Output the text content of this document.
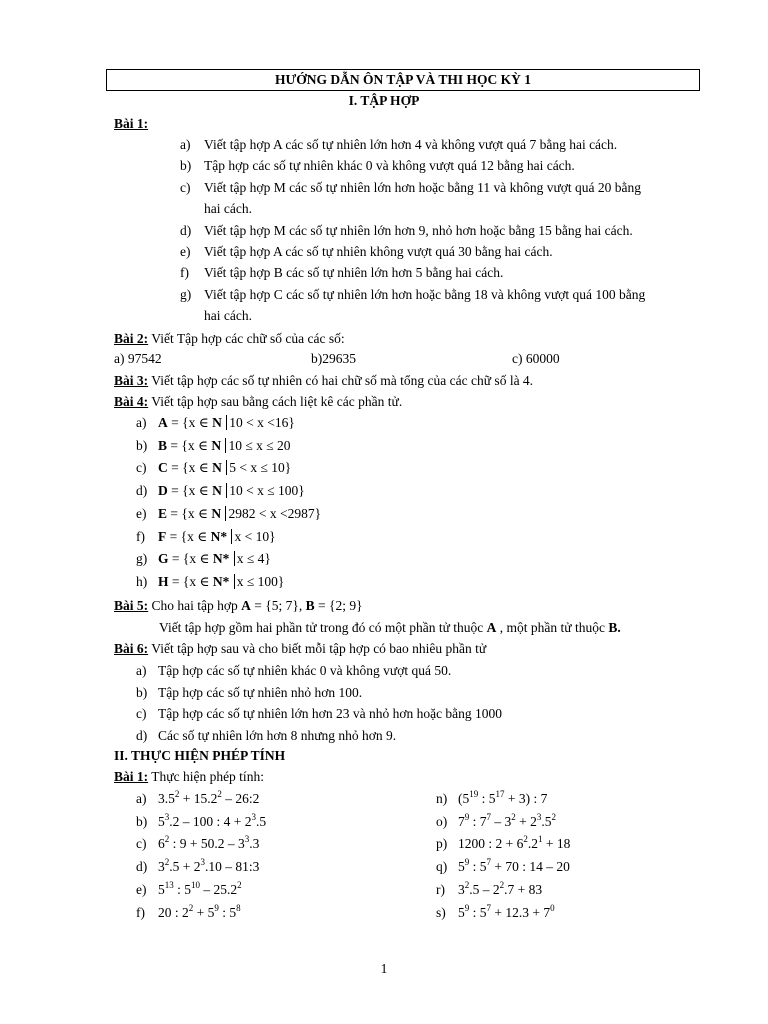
HƯỚNG DẪN ÔN TẬP VÀ THI HỌC KỲ 1
I. TẬP HỢP
Bài 1:
a) Viết tập hợp A các số tự nhiên lớn hơn 4 và không vượt quá 7 bằng hai cách.
b) Tập hợp các số tự nhiên khác 0 và không vượt quá 12 bằng hai cách.
c) Viết tập hợp M các số tự nhiên lớn hơn hoặc bằng 11 và không vượt quá 20 bằng
hai cách.
d) Viết tập hợp M các số tự nhiên lớn hơn 9, nhỏ hơn hoặc bằng 15 bằng hai cách.
e) Viết tập hợp A các số tự nhiên không vượt quá 30 bằng hai cách.
f) Viết tập hợp B các số tự nhiên lớn hơn 5 bằng hai cách.
g) Viết tập hợp C các số tự nhiên lớn hơn hoặc bằng 18 và không vượt quá 100 bằng
hai cách.
Bài 2: Viết Tập hợp các chữ số của các số:
a) 97542	b)29635	c) 60000
Bài 3: Viết tập hợp các số tự nhiên có hai chữ số mà tổng của các chữ số là 4.
Bài 4: Viết tập hợp sau bằng cách liệt kê các phần tử.
a) A = {x ∈ N 10 < x <16}
b) B = {x ∈ N 10 ≤ x ≤ 20
c) C = {x ∈ N 5 < x ≤ 10}
d) D = {x ∈ N 10 < x ≤ 100}
e) E = {x ∈ N 2982 < x <2987}
f) F = {x ∈ N* x < 10}
g) G = {x ∈ N* x ≤ 4}
h) H = {x ∈ N* x ≤ 100}
Bài 5: Cho hai tập hợp A = {5; 7}, B = {2; 9}
Viết tập hợp gồm hai phần tử trong đó có một phần tử thuộc A , một phần tử thuộc B.
Bài 6: Viết tập hợp sau và cho biết mỗi tập hợp có bao nhiêu phần tử
a) Tập hợp các số tự nhiên khác 0 và không vượt quá 50.
b) Tập hợp các số tự nhiên nhỏ hơn 100.
c) Tập hợp các số tự nhiên lớn hơn 23 và nhỏ hơn hoặc bằng 1000
d) Các số tự nhiên lớn hơn 8 nhưng nhỏ hơn 9.
II. THỰC HIỆN PHÉP TÍNH
Bài 1: Thực hiện phép tính:
a) $3.5^2 + 15.2^2$ – 26:2
b) $5^3.2 - 100$ : $4 + 2^3.5$
c) $6^2$ : $9 + 50.2 - 3^3.3$
d) $3^2.5 + 2^3.10$ – 81:3
e) $5^{13}$ : $5^{10} - 25.2^2$
f) 20 : $2^2 + 5^9$ : $5^8$
n) ($5^{19}$ : $5^{17} + 3$) : 7
o) $7^9$ : $7^7 - 3^2 + 2^3.5^2$
p) 1200 : $2 + 6^2.2^1 + 18$
q) $5^9$ : $5^7 + 70$ : 14 – 20
r) $3^2.5 - 2^2.7 + 83$
s) $5^9$ : $5^7 + 12.3 + 7^0$
1
